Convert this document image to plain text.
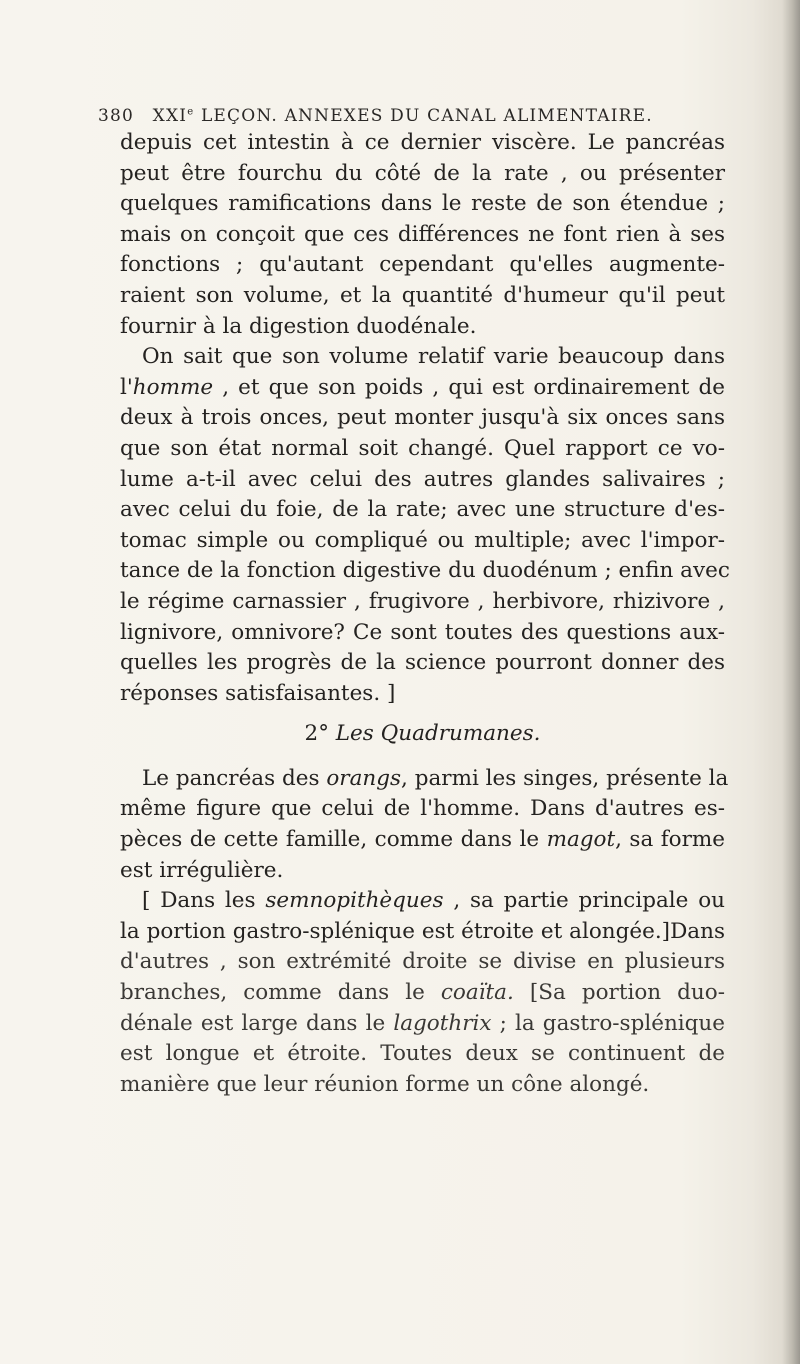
380 XXIe LEÇON. ANNEXES DU CANAL ALIMENTAIRE.
depuis cet intestin à ce dernier viscère. Le pancréas
peut être fourchu du côté de la rate , ou présenter
quelques ramifications dans le reste de son étendue ;
mais on conçoit que ces différences ne font rien à ses
fonctions ; qu'autant cependant qu'elles augmente-
raient son volume, et la quantité d'humeur qu'il peut
fournir à la digestion duodénale.
On sait que son volume relatif varie beaucoup dans
l'homme , et que son poids , qui est ordinairement de
deux à trois onces, peut monter jusqu'à six onces sans
que son état normal soit changé. Quel rapport ce vo-
lume a-t-il avec celui des autres glandes salivaires ;
avec celui du foie, de la rate; avec une structure d'es-
tomac simple ou compliqué ou multiple; avec l'impor-
tance de la fonction digestive du duodénum ; enfin avec
le régime carnassier , frugivore , herbivore, rhizivore ,
lignivore, omnivore? Ce sont toutes des questions aux-
quelles les progrès de la science pourront donner des
réponses satisfaisantes. ]
2° Les Quadrumanes.
Le pancréas des orangs, parmi les singes, présente la
même figure que celui de l'homme. Dans d'autres es-
pèces de cette famille, comme dans le magot, sa forme
est irrégulière.
[ Dans les semnopithèques , sa partie principale ou
la portion gastro-splénique est étroite et alongée.]Dans
d'autres , son extrémité droite se divise en plusieurs
branches, comme dans le coaïta. [Sa portion duo-
dénale est large dans le lagothrix ; la gastro-splénique
est longue et étroite. Toutes deux se continuent de
manière que leur réunion forme un cône alongé.
